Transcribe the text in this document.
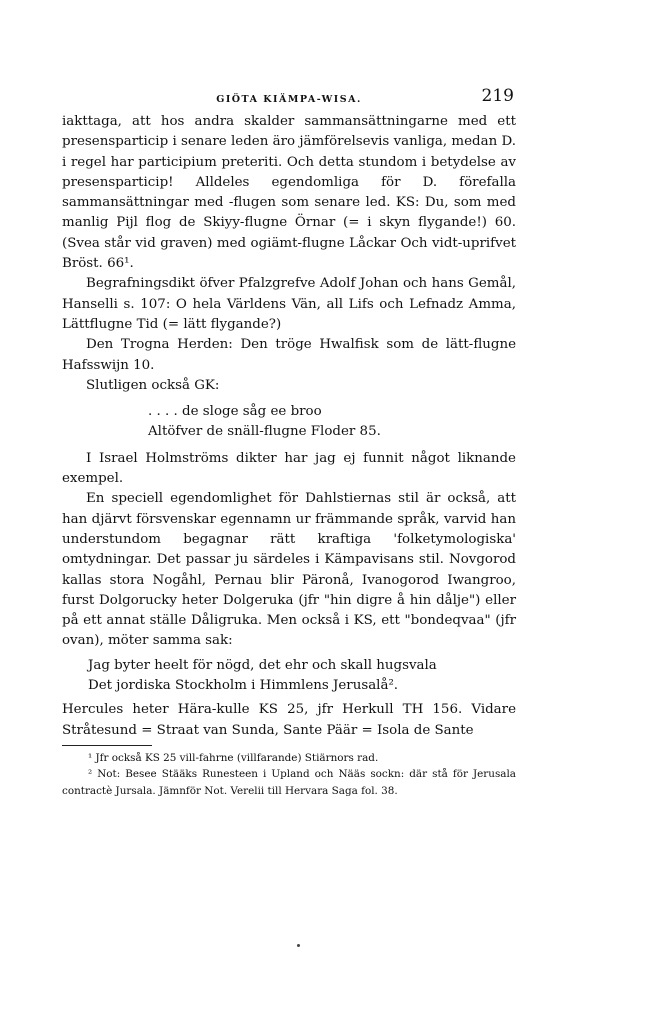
GIÖTA KIÄMPA-WISA.	219

iakttaga, att hos andra skalder sammansättningarne med ett presensparticip i senare leden äro jämförelsevis vanliga, medan D. i regel har participium preteriti. Och detta stundom i betydelse av presensparticip! Alldeles egendomliga för D. förefalla sammansättningar med -flugen som senare led. KS: Du, som med manlig Pijl flog de Skiyy-flugne Örnar (= i skyn flygande!) 60. (Svea står vid graven) med ogiämt-flugne Låckar Och vidt-uprifvet Bröst. 66¹.

Begrafningsdikt öfver Pfalzgrefve Adolf Johan och hans Gemål, Hanselli s. 107: O hela Världens Vän, all Lifs och Lefnadz Amma, Lättflugne Tid (= lätt flygande?)

Den Trogna Herden: Den tröge Hwalfisk som de lätt-flugne Hafsswijn 10.

Slutligen också GK:

. . . . de sloge såg ee broo
Altöfver de snäll-flugne Floder 85.

I Israel Holmströms dikter har jag ej funnit något liknande exempel.

En speciell egendomlighet för Dahlstiernas stil är också, att han djärvt försvenskar egennamn ur främmande språk, varvid han understundom begagnar rätt kraftiga 'folketymologiska' omtydningar. Det passar ju särdeles i Kämpavisans stil. Novgorod kallas stora Nogåhl, Pernau blir Päronå, Ivanogorod Iwangroo, furst Dolgorucky heter Dolgeruka (jfr "hin digre å hin dålje") eller på ett annat ställe Dåligruka. Men också i KS, ett "bondeqvaa" (jfr ovan), möter samma sak:

Jag byter heelt för nögd, det ehr och skall hugsvala
Det jordiska Stockholm i Himmlens Jerusalå².

Hercules heter Hära-kulle KS 25, jfr Herkull TH 156. Vidare Stråtesund = Straat van Sunda, Sante Päär = Isola de Sante

¹ Jfr också KS 25 vill-fahrne (villfarande) Stiärnors rad.

² Not: Besee Stääks Runesteen i Upland och Nääs sockn: där stå för Jerusala contractè Jursala. Jämnför Not. Verelii till Hervara Saga fol. 38.
